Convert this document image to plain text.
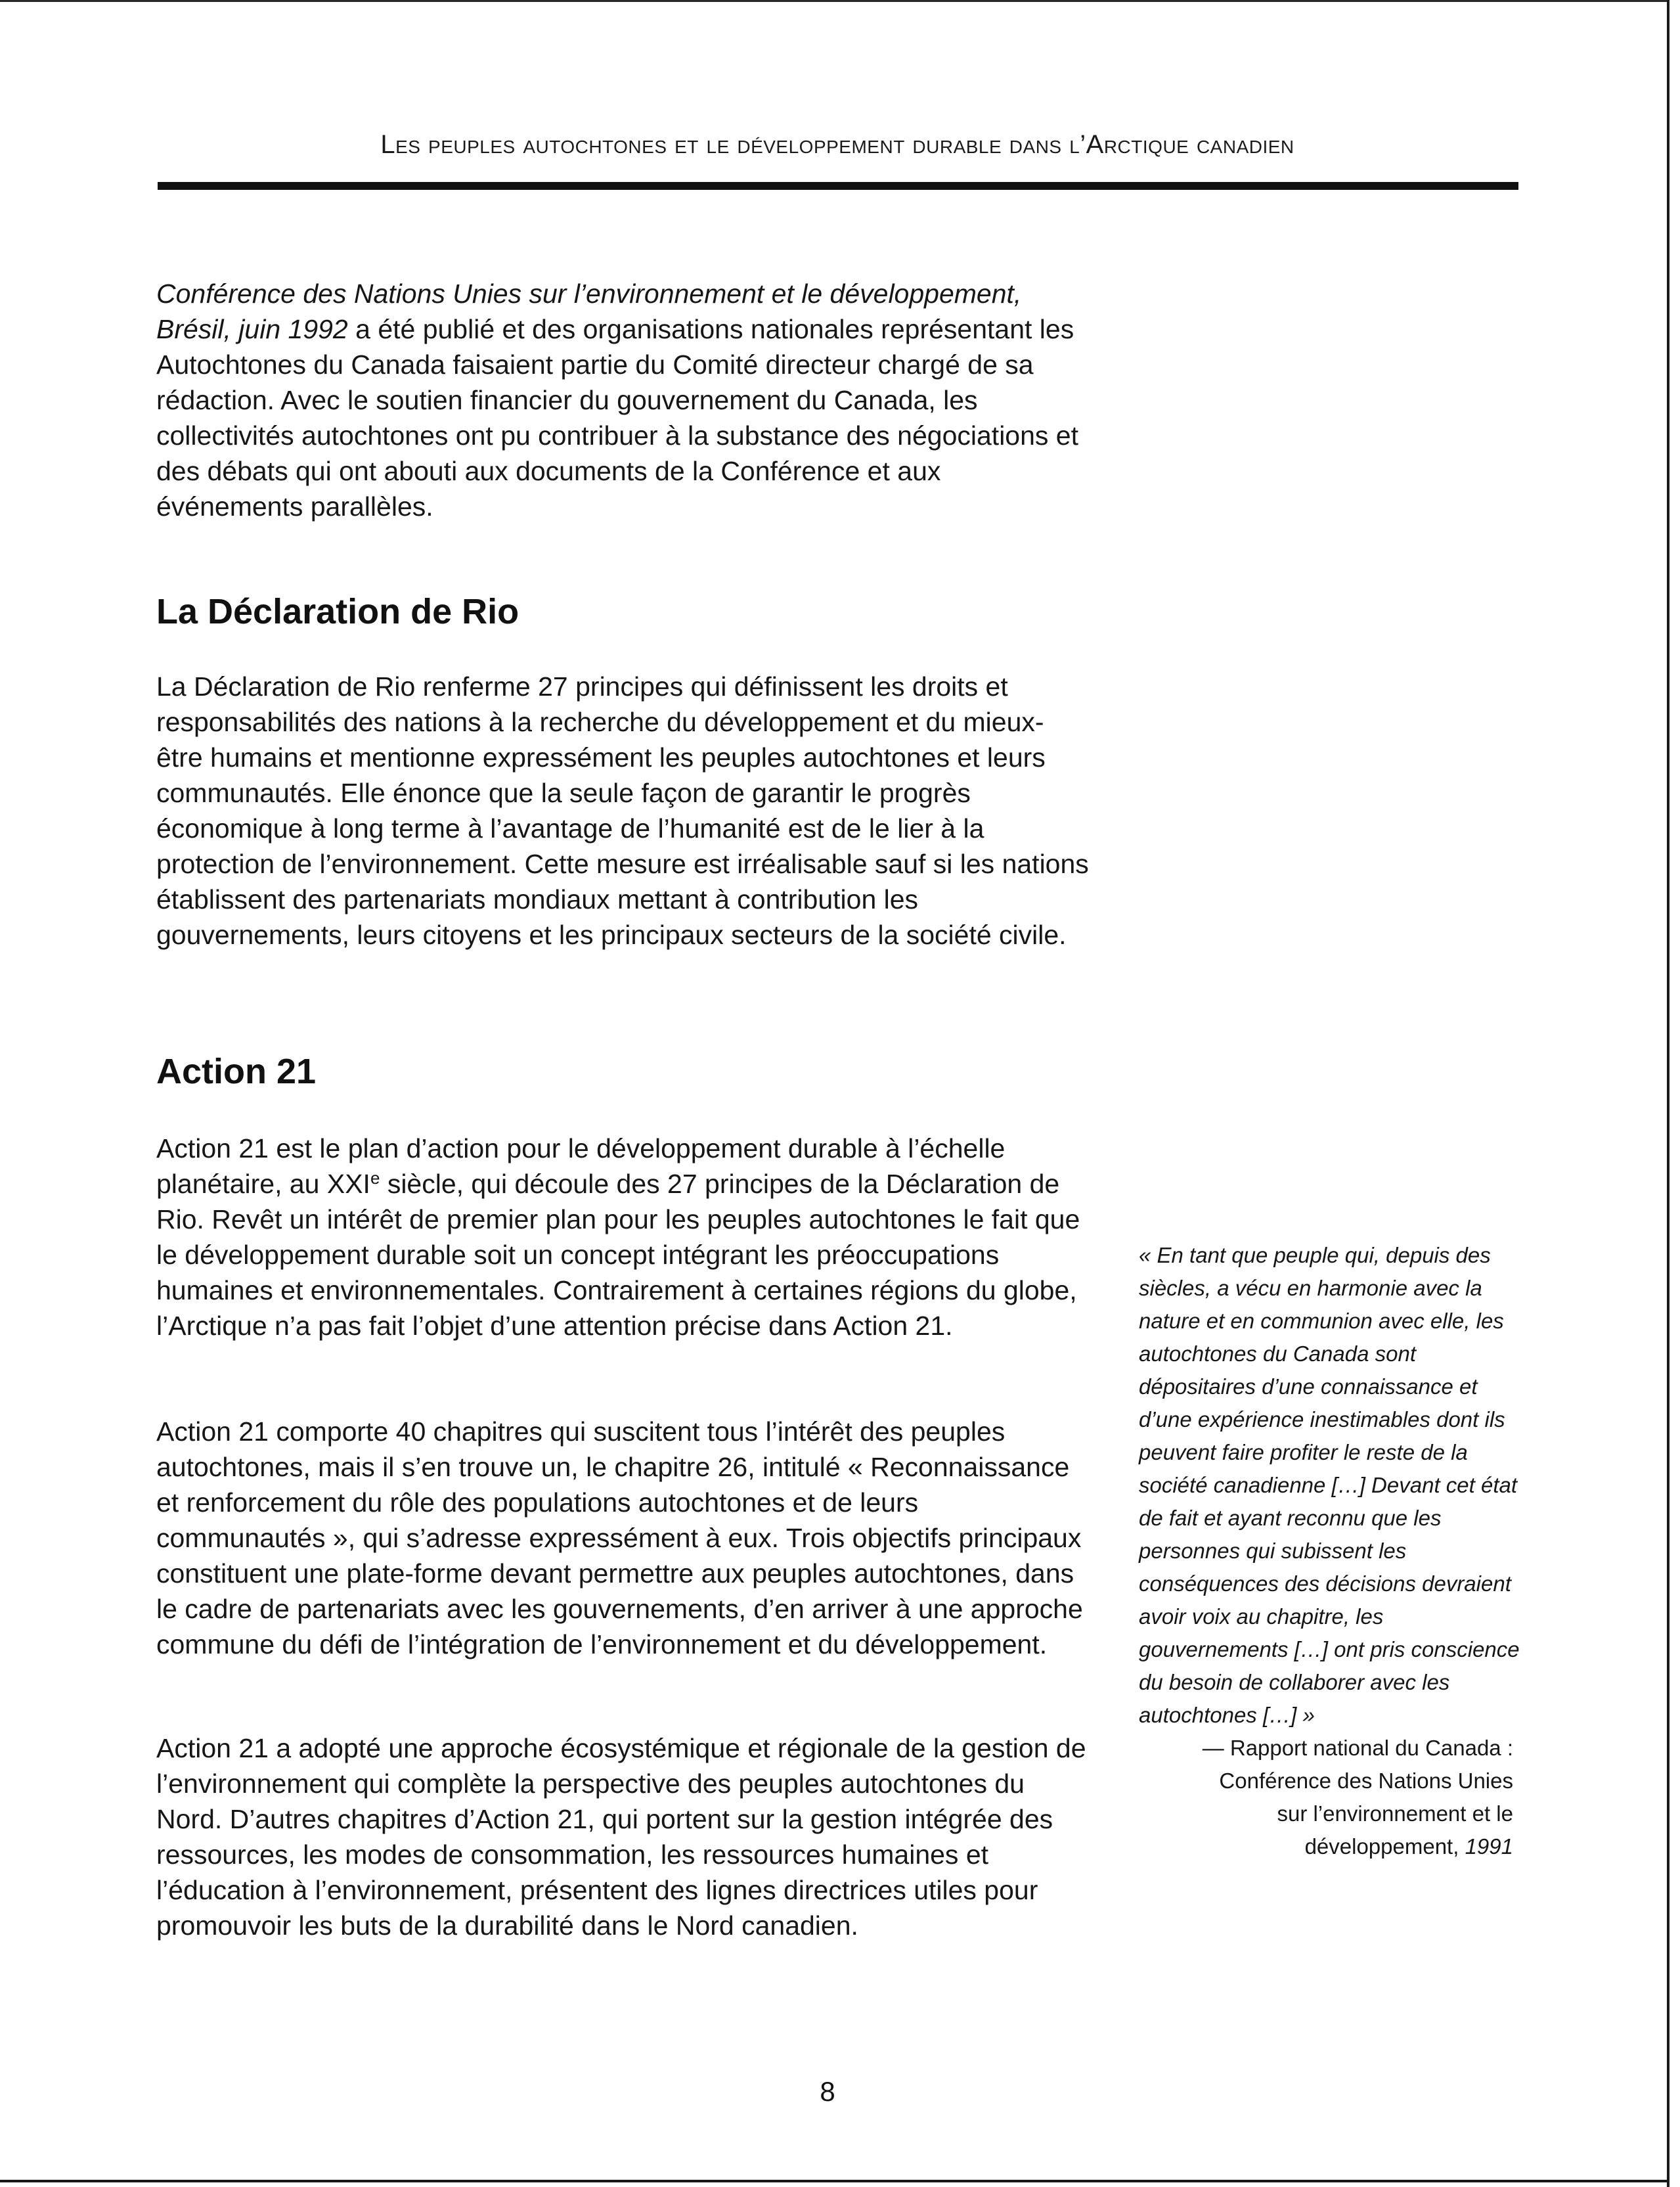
Les peuples autochtones et le développement durable dans l’Arctique canadien

Conférence des Nations Unies sur l’environnement et le développement, Brésil, juin 1992 a été publié et des organisations nationales représentant les Autochtones du Canada faisaient partie du Comité directeur chargé de sa rédaction. Avec le soutien financier du gouvernement du Canada, les collectivités autochtones ont pu contribuer à la substance des négociations et des débats qui ont abouti aux documents de la Conférence et aux événements parallèles.

La Déclaration de Rio

La Déclaration de Rio renferme 27 principes qui définissent les droits et responsabilités des nations à la recherche du développement et du mieux-être humains et mentionne expressément les peuples autochtones et leurs communautés. Elle énonce que la seule façon de garantir le progrès économique à long terme à l’avantage de l’humanité est de le lier à la protection de l’environnement. Cette mesure est irréalisable sauf si les nations établissent des partenariats mondiaux mettant à contribution les gouvernements, leurs citoyens et les principaux secteurs de la société civile.

Action 21

Action 21 est le plan d’action pour le développement durable à l’échelle planétaire, au XXIe siècle, qui découle des 27 principes de la Déclaration de Rio. Revêt un intérêt de premier plan pour les peuples autochtones le fait que le développement durable soit un concept intégrant les préoccupations humaines et environnementales. Contrairement à certaines régions du globe, l’Arctique n’a pas fait l’objet d’une attention précise dans Action 21.

Action 21 comporte 40 chapitres qui suscitent tous l’intérêt des peuples autochtones, mais il s’en trouve un, le chapitre 26, intitulé « Reconnaissance et renforcement du rôle des populations autochtones et de leurs communautés », qui s’adresse expressément à eux. Trois objectifs principaux constituent une plate-forme devant permettre aux peuples autochtones, dans le cadre de partenariats avec les gouvernements, d’en arriver à une approche commune du défi de l’intégration de l’environnement et du développement.

Action 21 a adopté une approche écosystémique et régionale de la gestion de l’environnement qui complète la perspective des peuples autochtones du Nord. D’autres chapitres d’Action 21, qui portent sur la gestion intégrée des ressources, les modes de consommation, les ressources humaines et l’éducation à l’environnement, présentent des lignes directrices utiles pour promouvoir les buts de la durabilité dans le Nord canadien.

« En tant que peuple qui, depuis des siècles, a vécu en harmonie avec la nature et en communion avec elle, les autochtones du Canada sont dépositaires d’une connaissance et d’une expérience inestimables dont ils peuvent faire profiter le reste de la société canadienne […] Devant cet état de fait et ayant reconnu que les personnes qui subissent les conséquences des décisions devraient avoir voix au chapitre, les gouvernements […] ont pris conscience du besoin de collaborer avec les autochtones […] »

— Rapport national du Canada :
Conférence des Nations Unies
sur l’environnement et le
développement, 1991

8
